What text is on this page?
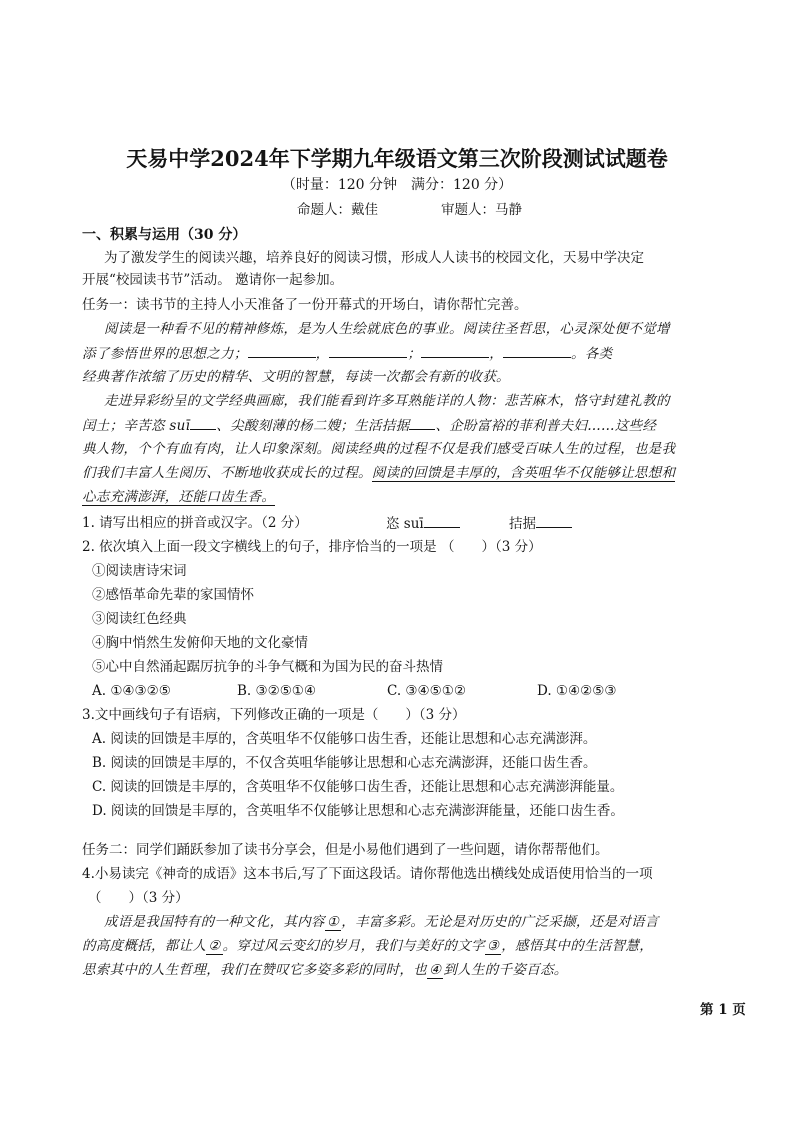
天易中学2024年下学期九年级语文第三次阶段测试试题卷
（时量：120 分钟　满分：120 分）
命题人：戴佳	审题人：马静
一、积累与运用（30 分）
为了激发学生的阅读兴趣，培养良好的阅读习惯，形成人人读书的校园文化，天易中学决定
开展“校园读书节”活动。 邀请你一起参加。
任务一：读书节的主持人小天准备了一份开幕式的开场白，请你帮忙完善。
阅读是一种看不见的精神修炼，是为人生绘就底色的事业。阅读往圣哲思，心灵深处便不觉增
添了参悟世界的思想之力；	，	；	，	。各类
经典著作浓缩了历史的精华、文明的智慧，每读一次都会有新的收获。
走进异彩纷呈的文学经典画廊，我们能看到许多耳熟能详的人物：悲苦麻木，恪守封建礼教的
闰土；辛苦恣 suī 、尖酸刻薄的杨二嫂；生活拮据 、企盼富裕的菲利普夫妇……这些经
典人物，个个有血有肉，让人印象深刻。阅读经典的过程不仅是我们感受百味人生的过程，也是我
们我们丰富人生阅历、不断地收获成长的过程。阅读的回馈是丰厚的，含英咀华不仅能够让思想和
心志充满澎湃，还能口齿生香。
1. 请写出相应的拼音或汉字。（2 分）	恣 suī	拮据
2. 依次填入上面一段文字横线上的句子，排序恰当的一项是 （　　）（3 分）
①阅读唐诗宋词
②感悟革命先辈的家国情怀
③阅读红色经典
④胸中悄然生发俯仰天地的文化豪情
⑤心中自然涌起踞厉抗争的斗争气概和为国为民的奋斗热情
A. ①④③②⑤	B. ③②⑤①④	C. ③④⑤①②	D. ①④②⑤③
3.文中画线句子有语病，下列修改正确的一项是（　　）（3 分）
A. 阅读的回馈是丰厚的，含英咀华不仅能够口齿生香，还能让思想和心志充满澎湃。
B. 阅读的回馈是丰厚的，不仅含英咀华能够让思想和心志充满澎湃，还能口齿生香。
C. 阅读的回馈是丰厚的，含英咀华不仅能够口齿生香，还能让思想和心志充满澎湃能量。
D. 阅读的回馈是丰厚的，含英咀华不仅能够让思想和心志充满澎湃能量，还能口齿生香。
任务二：同学们踊跃参加了读书分享会，但是小易他们遇到了一些问题，请你帮帮他们。
4.小易读完《神奇的成语》这本书后,写了下面这段话。请你帮他选出横线处成语使用恰当的一项
（　　）（3 分）
成语是我国特有的一种文化，其内容 ① ，丰富多彩。无论是对历史的广泛采撷，还是对语言
的高度概括，都让人 ② 。穿过风云变幻的岁月，我们与美好的文字 ③ ，感悟其中的生活智慧，
思索其中的人生哲理，我们在赞叹它多姿多彩的同时，也 ④ 到人生的千姿百态。
第 1 页
